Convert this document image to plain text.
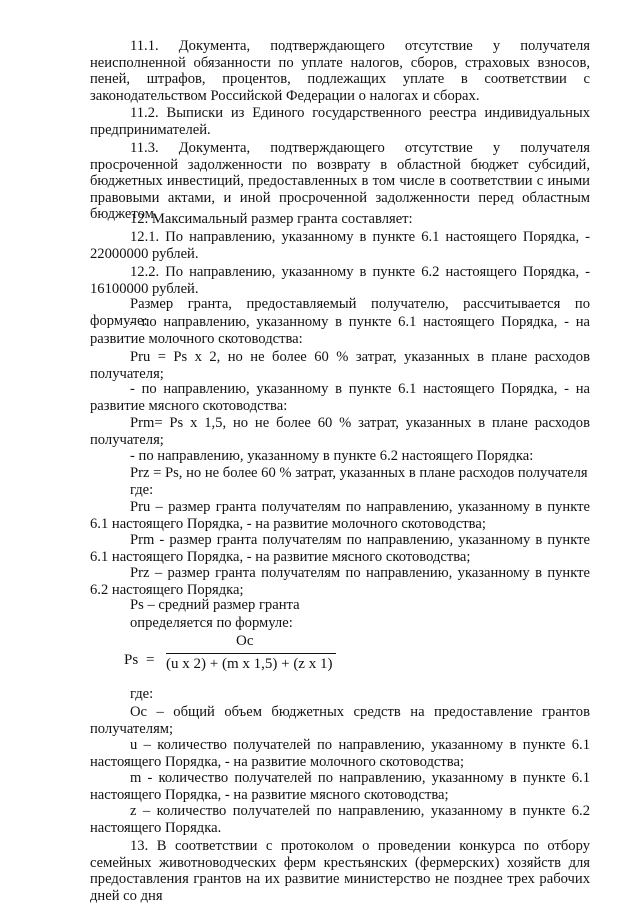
11.1. Документа, подтверждающего отсутствие у получателя неисполненной обязанности по уплате налогов, сборов, страховых взносов, пеней, штрафов, процентов, подлежащих уплате в соответствии с законодательством Российской Федерации о налогах и сборах.

11.2. Выписки из Единого государственного реестра индивидуальных предпринимателей.

11.3. Документа, подтверждающего отсутствие у получателя просроченной задолженности по возврату в областной бюджет субсидий, бюджетных инвестиций, предоставленных в том числе в соответствии с иными правовыми актами, и иной просроченной задолженности перед областным бюджетом.

12. Максимальный размер гранта составляет:

12.1. По направлению, указанному в пункте 6.1 настоящего Порядка, - 22000000 рублей.

12.2. По направлению, указанному в пункте 6.2 настоящего Порядка, - 16100000 рублей.

Размер гранта, предоставляемый получателю, рассчитывается по формуле:

- по направлению, указанному в пункте 6.1 настоящего Порядка, - на развитие молочного скотоводства:

Pru = Ps x 2, но не более 60 % затрат, указанных в плане расходов получателя;

- по направлению, указанному в пункте 6.1 настоящего Порядка, - на развитие мясного скотоводства:

Prm= Ps x 1,5, но не более 60 % затрат, указанных в плане расходов получателя;

- по направлению, указанному в пункте 6.2 настоящего Порядка:

Prz = Ps, но не более 60 % затрат, указанных в плане расходов получателя

где:

Pru – размер гранта получателям по направлению, указанному в пункте 6.1 настоящего Порядка, - на развитие молочного скотоводства;

Prm - размер гранта получателям по направлению, указанному в пункте 6.1 настоящего Порядка, - на развитие мясного скотоводства;

Prz – размер гранта получателям по направлению, указанному в пункте 6.2 настоящего Порядка;

Ps – средний размер гранта

определяется по формуле:

Ps =
Ос
(u x 2) + (m x 1,5) + (z x 1)

где:

Ос – общий объем бюджетных средств на предоставление грантов получателям;

u – количество получателей по направлению, указанному в пункте 6.1 настоящего Порядка, - на развитие молочного скотоводства;

m - количество получателей по направлению, указанному в пункте 6.1 настоящего Порядка, - на развитие мясного скотоводства;

z – количество получателей по направлению, указанному в пункте 6.2 настоящего Порядка.

13. В соответствии с протоколом о проведении конкурса по отбору семейных животноводческих ферм крестьянских (фермерских) хозяйств для предоставления грантов на их развитие министерство не позднее трех рабочих дней со дня
